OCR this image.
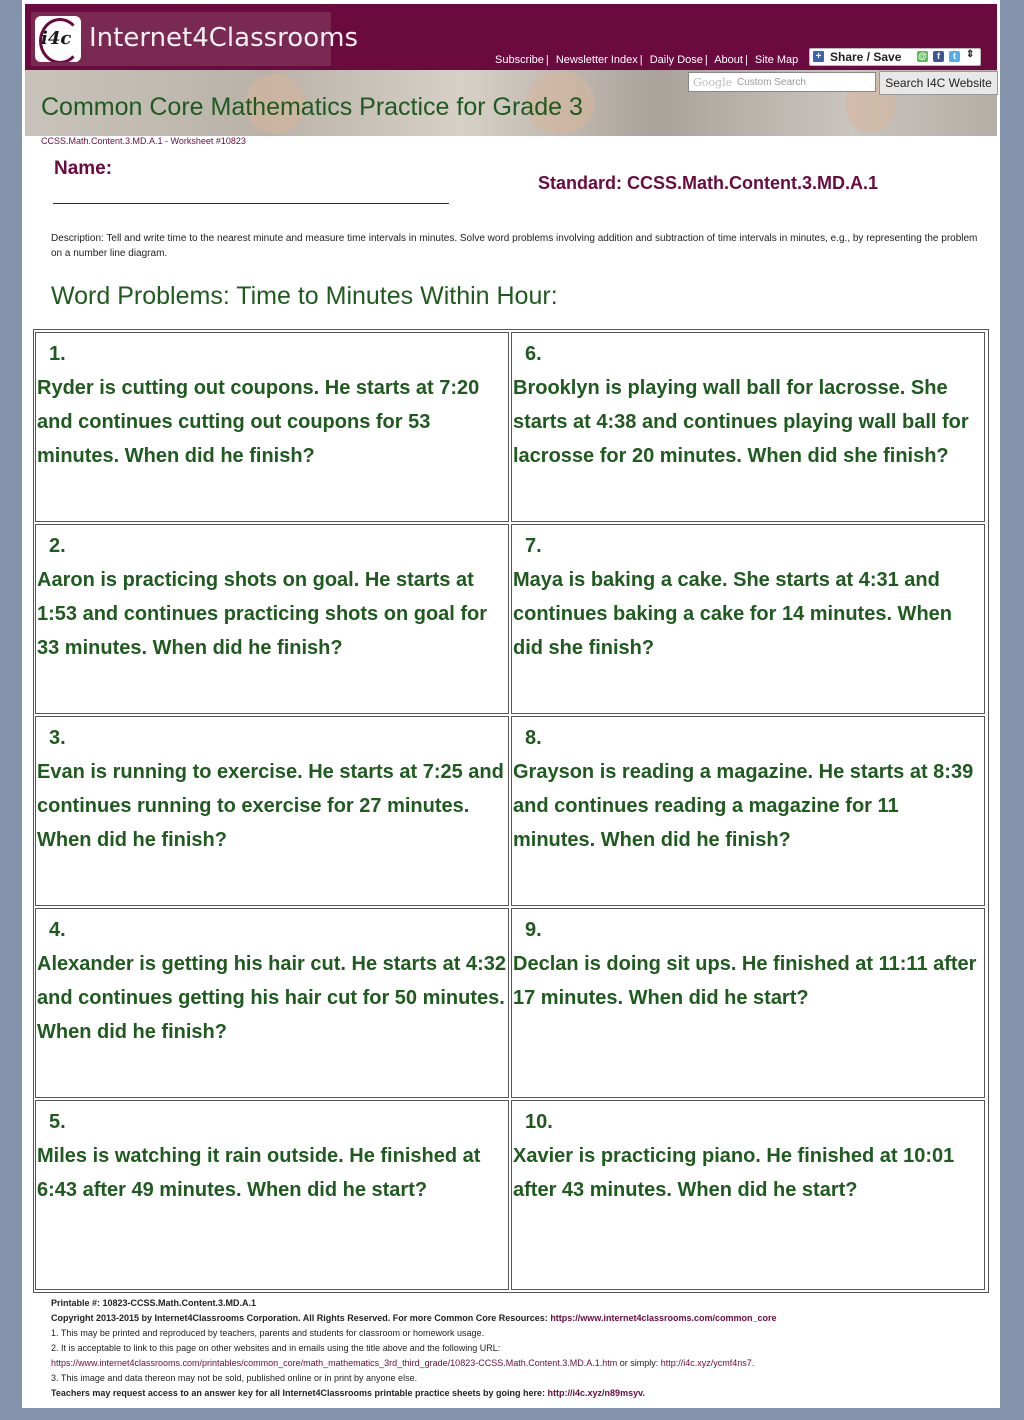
i4c Internet4Classrooms
Subscribe | Newsletter Index | Daily Dose | About | Site Map + Share / Save @	f	t	⇕
Google Custom Search	Search I4C Website
Common Core Mathematics Practice for Grade 3
CCSS.Math.Content.3.MD.A.1 - Worksheet #10823
Name:
Standard: CCSS.Math.Content.3.MD.A.1
Description: Tell and write time to the nearest minute and measure time intervals in minutes. Solve word problems involving addition and subtraction of time intervals in minutes, e.g., by representing the problem on a number line diagram.
Word Problems: Time to Minutes Within Hour:
1.
Ryder is cutting out coupons. He starts at 7:20 and continues cutting out coupons for 53 minutes. When did he finish?
6.
Brooklyn is playing wall ball for lacrosse. She starts at 4:38 and continues playing wall ball for lacrosse for 20 minutes. When did she finish?
2.
Aaron is practicing shots on goal. He starts at 1:53 and continues practicing shots on goal for 33 minutes. When did he finish?
7.
Maya is baking a cake. She starts at 4:31 and continues baking a cake for 14 minutes. When did she finish?
3.
Evan is running to exercise. He starts at 7:25 and continues running to exercise for 27 minutes. When did he finish?
8.
Grayson is reading a magazine. He starts at 8:39 and continues reading a magazine for 11 minutes. When did he finish?
4.
Alexander is getting his hair cut. He starts at 4:32 and continues getting his hair cut for 50 minutes. When did he finish?
9.
Declan is doing sit ups. He finished at 11:11 after 17 minutes. When did he start?
5.
Miles is watching it rain outside. He finished at 6:43 after 49 minutes. When did he start?
10.
Xavier is practicing piano. He finished at 10:01 after 43 minutes. When did he start?
Printable #: 10823-CCSS.Math.Content.3.MD.A.1
Copyright 2013-2015 by Internet4Classrooms Corporation. All Rights Reserved. For more Common Core Resources: https://www.internet4classrooms.com/common_core
1. This may be printed and reproduced by teachers, parents and students for classroom or homework usage.
2. It is acceptable to link to this page on other websites and in emails using the title above and the following URL:
https://www.internet4classrooms.com/printables/common_core/math_mathematics_3rd_third_grade/10823-CCSS.Math.Content.3.MD.A.1.htm or simply: http://i4c.xyz/ycmf4ns7.
3. This image and data thereon may not be sold, published online or in print by anyone else.
Teachers may request access to an answer key for all Internet4Classrooms printable practice sheets by going here: http://i4c.xyz/n89msyv.
